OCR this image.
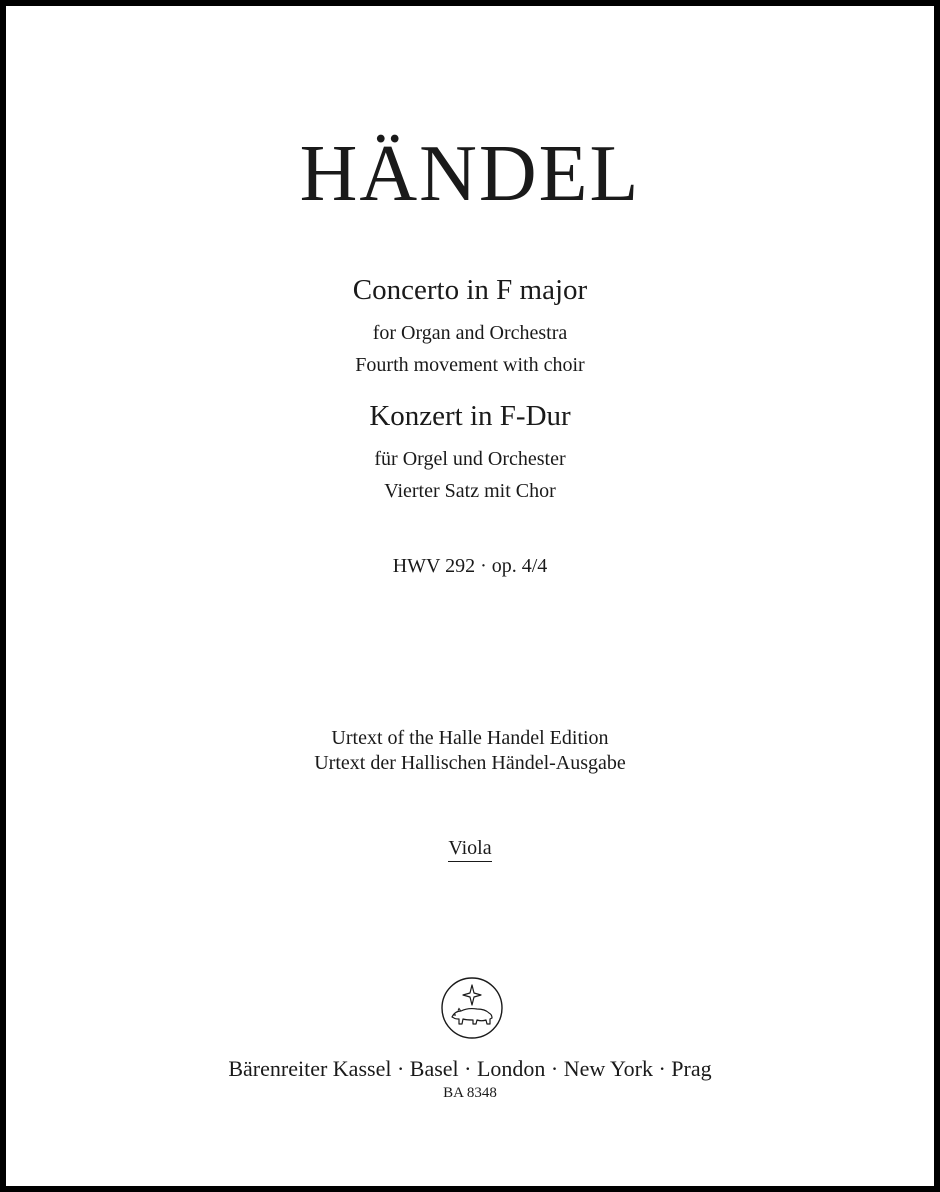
HÄNDEL
Concerto in F major
for Organ and Orchestra
Fourth movement with choir
Konzert in F-Dur
für Orgel und Orchester
Vierter Satz mit Chor
HWV 292 · op. 4/4
Urtext of the Halle Handel Edition
Urtext der Hallischen Händel-Ausgabe
Viola
Bärenreiter Kassel · Basel · London · New York · Prag
BA 8348
